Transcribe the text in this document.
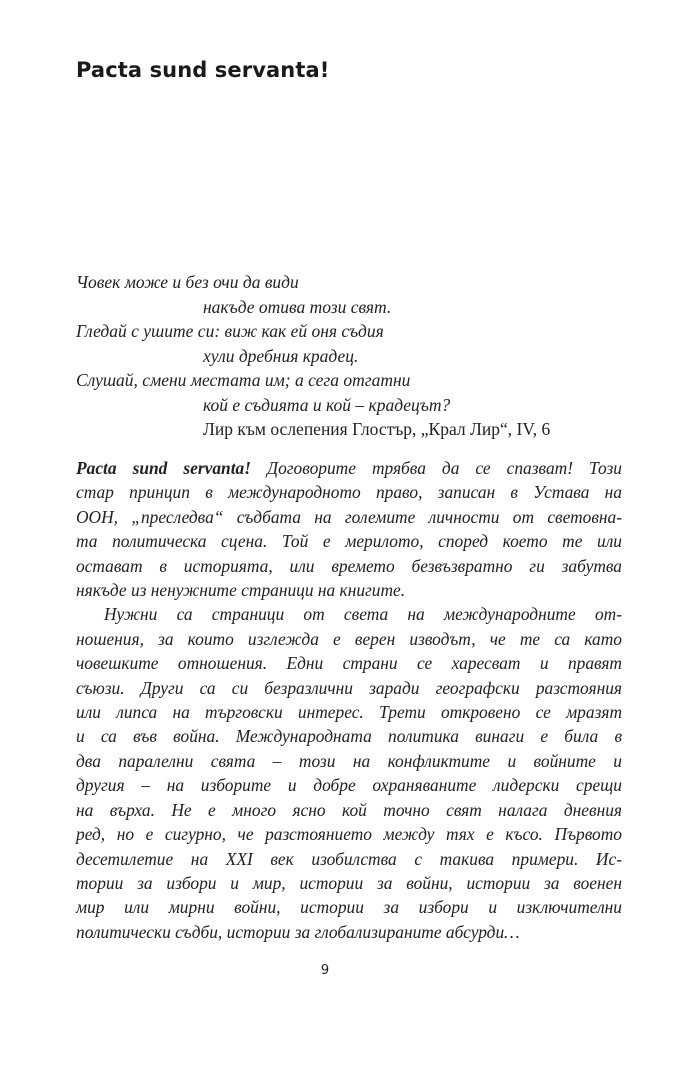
Pacta sund servanta!
Човек може и без очи да види
накъде отива този свят.
Гледай с ушите си: виж как ей оня съдия
хули дребния крадец.
Слушай, смени местата им; а сега отгатни
кой е съдията и кой – крадецът?
Лир към ослепения Глостър, „Крал Лир“, IV, 6
Pacta sund servanta! Договорите трябва да се спазват! Този
стар принцип в международното право, записан в Устава на
ООН, „преследва“ съдбата на големите личности от световна-
та политическа сцена. Той е мерилото, според което те или
остават в историята, или времето безвъзвратно ги забутва
някъде из ненужните страници на книгите.
Нужни са страници от света на международните от-
ношения, за които изглежда е верен изводът, че те са като
човешките отношения. Едни страни се харесват и правят
съюзи. Други са си безразлични заради географски разстояния
или липса на търговски интерес. Трети откровено се мразят
и са във война. Международната политика винаги е била в
два паралелни свята – този на конфликтите и войните и
другия – на изборите и добре охраняваните лидерски срещи
на върха. Не е много ясно кой точно свят налага дневния
ред, но е сигурно, че разстоянието между тях е късо. Първото
десетилетие на XXI век изобилства с такива примери. Ис-
тории за избори и мир, истории за войни, истории за военен
мир или мирни войни, истории за избори и изключителни
политически съдби, истории за глобализираните абсурди…
9
